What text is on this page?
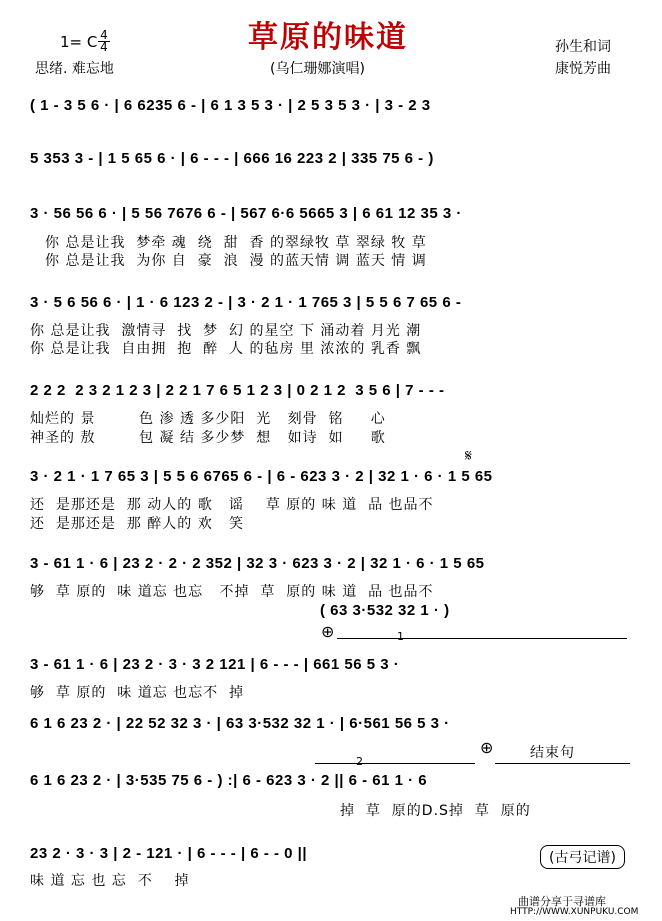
草原的味道
1= C 4
4
思绪. 难忘地	(乌仁珊娜演唱)
孙生和词
康悦芳曲
( 1 - 3 5 6 · | 6 6235 6 - | 6 1 3 5 3 · | 2 5 3 5 3 · | 3 - 2 3
5 353 3 - | 1 5 65 6 · | 6 - - - | 666 16 223 2 | 335 75 6 - )
3 · 56 56 6 · | 5 56 7676 6 - | 567 6·6 5665 3 | 6 61 12 35 3 ·
你 总是让我  梦牵 魂  绕  甜  香 的翠绿牧 草 翠绿 牧 草
你 总是让我  为你 自  豪  浪  漫 的蓝天情 调 蓝天 情 调
3 · 5 6 56 6 · | 1 · 6 123 2 - | 3 · 2 1 · 1 765 3 | 5 5 6 7 65 6 -
你 总是让我  激情寻  找  梦  幻 的星空 下 涌动着 月光 潮
你 总是让我  自由拥  抱  醉  人 的毡房 里 浓浓的 乳香 飘
2 2 2  2 3 2 1 2 3 | 2 2 1 7 6 5 1 2 3 | 0 2 1 2  3 5 6 | 7 - - -
灿烂的 景        色 渗 透 多少阳  光   刻骨  铭     心
神圣的 敖        包 凝 结 多少梦  想   如诗  如     歌
3 · 2 1 · 1 7 65 3 | 5 5 6 6765 6 - | 6 - 623 3 · 2 | 32 1 · 6 · 1 5 65
还  是那还是  那 动人的 歌   谣    草 原的 味 道  品 也品不
还  是那还是  那 醉人的 欢   笑
𝄋
3 - 61 1 · 6 | 23 2 · 2 · 2 352 | 32 3 · 623 3 · 2 | 32 1 · 6 · 1 5 65
够  草 原的  味 道忘 也忘   不掉  草  原的 味 道  品 也品不
( 63 3·532 32 1 · )
⊕	1
3 - 61 1 · 6 | 23 2 · 3 · 3 2 121 | 6 - - - | 661 56 5 3 ·
够  草 原的  味 道忘 也忘不  掉
6 1 6 23 2 · | 22 52 32 3 · | 63 3·532 32 1 · | 6·561 56 5 3 ·
2
⊕	结束句
6 1 6 23 2 · | 3·535 75 6 - ) :| 6 - 623 3 · 2 || 6 - 61 1 · 6
掉  草  原的D.S掉  草  原的
23 2 · 3 · 3 | 2 - 121 · | 6 - - - | 6 - - 0 ||
味 道 忘 也 忘  不    掉
(古弓记谱)
曲谱分享于寻谱库
HTTP://WWW.XUNPUKU.COM
